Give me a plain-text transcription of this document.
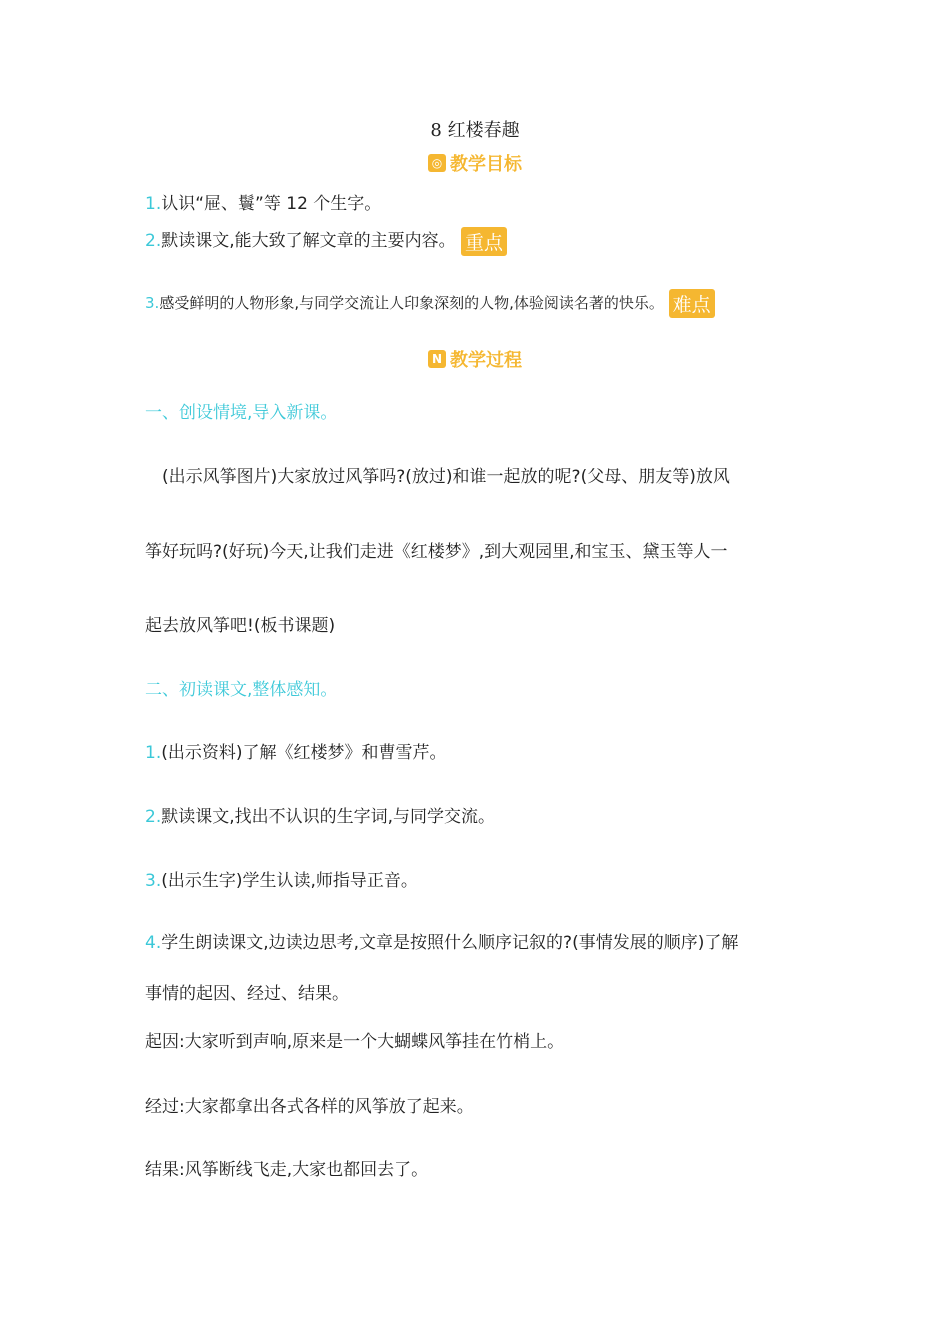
8 红楼春趣
◎ 教学目标
1.认识“屉、鬟”等 12 个生字。
2.默读课文,能大致了解文章的主要内容。 重点
3.感受鲜明的人物形象,与同学交流让人印象深刻的人物,体验阅读名著的快乐。 难点
N 教学过程
一、创设情境,导入新课。
(出示风筝图片)大家放过风筝吗?(放过)和谁一起放的呢?(父母、朋友等)放风
筝好玩吗?(好玩)今天,让我们走进《红楼梦》,到大观园里,和宝玉、黛玉等人一
起去放风筝吧!(板书课题)
二、初读课文,整体感知。
1.(出示资料)了解《红楼梦》和曹雪芹。
2.默读课文,找出不认识的生字词,与同学交流。
3.(出示生字)学生认读,师指导正音。
4.学生朗读课文,边读边思考,文章是按照什么顺序记叙的?(事情发展的顺序)了解
事情的起因、经过、结果。
起因:大家听到声响,原来是一个大蝴蝶风筝挂在竹梢上。
经过:大家都拿出各式各样的风筝放了起来。
结果:风筝断线飞走,大家也都回去了。
